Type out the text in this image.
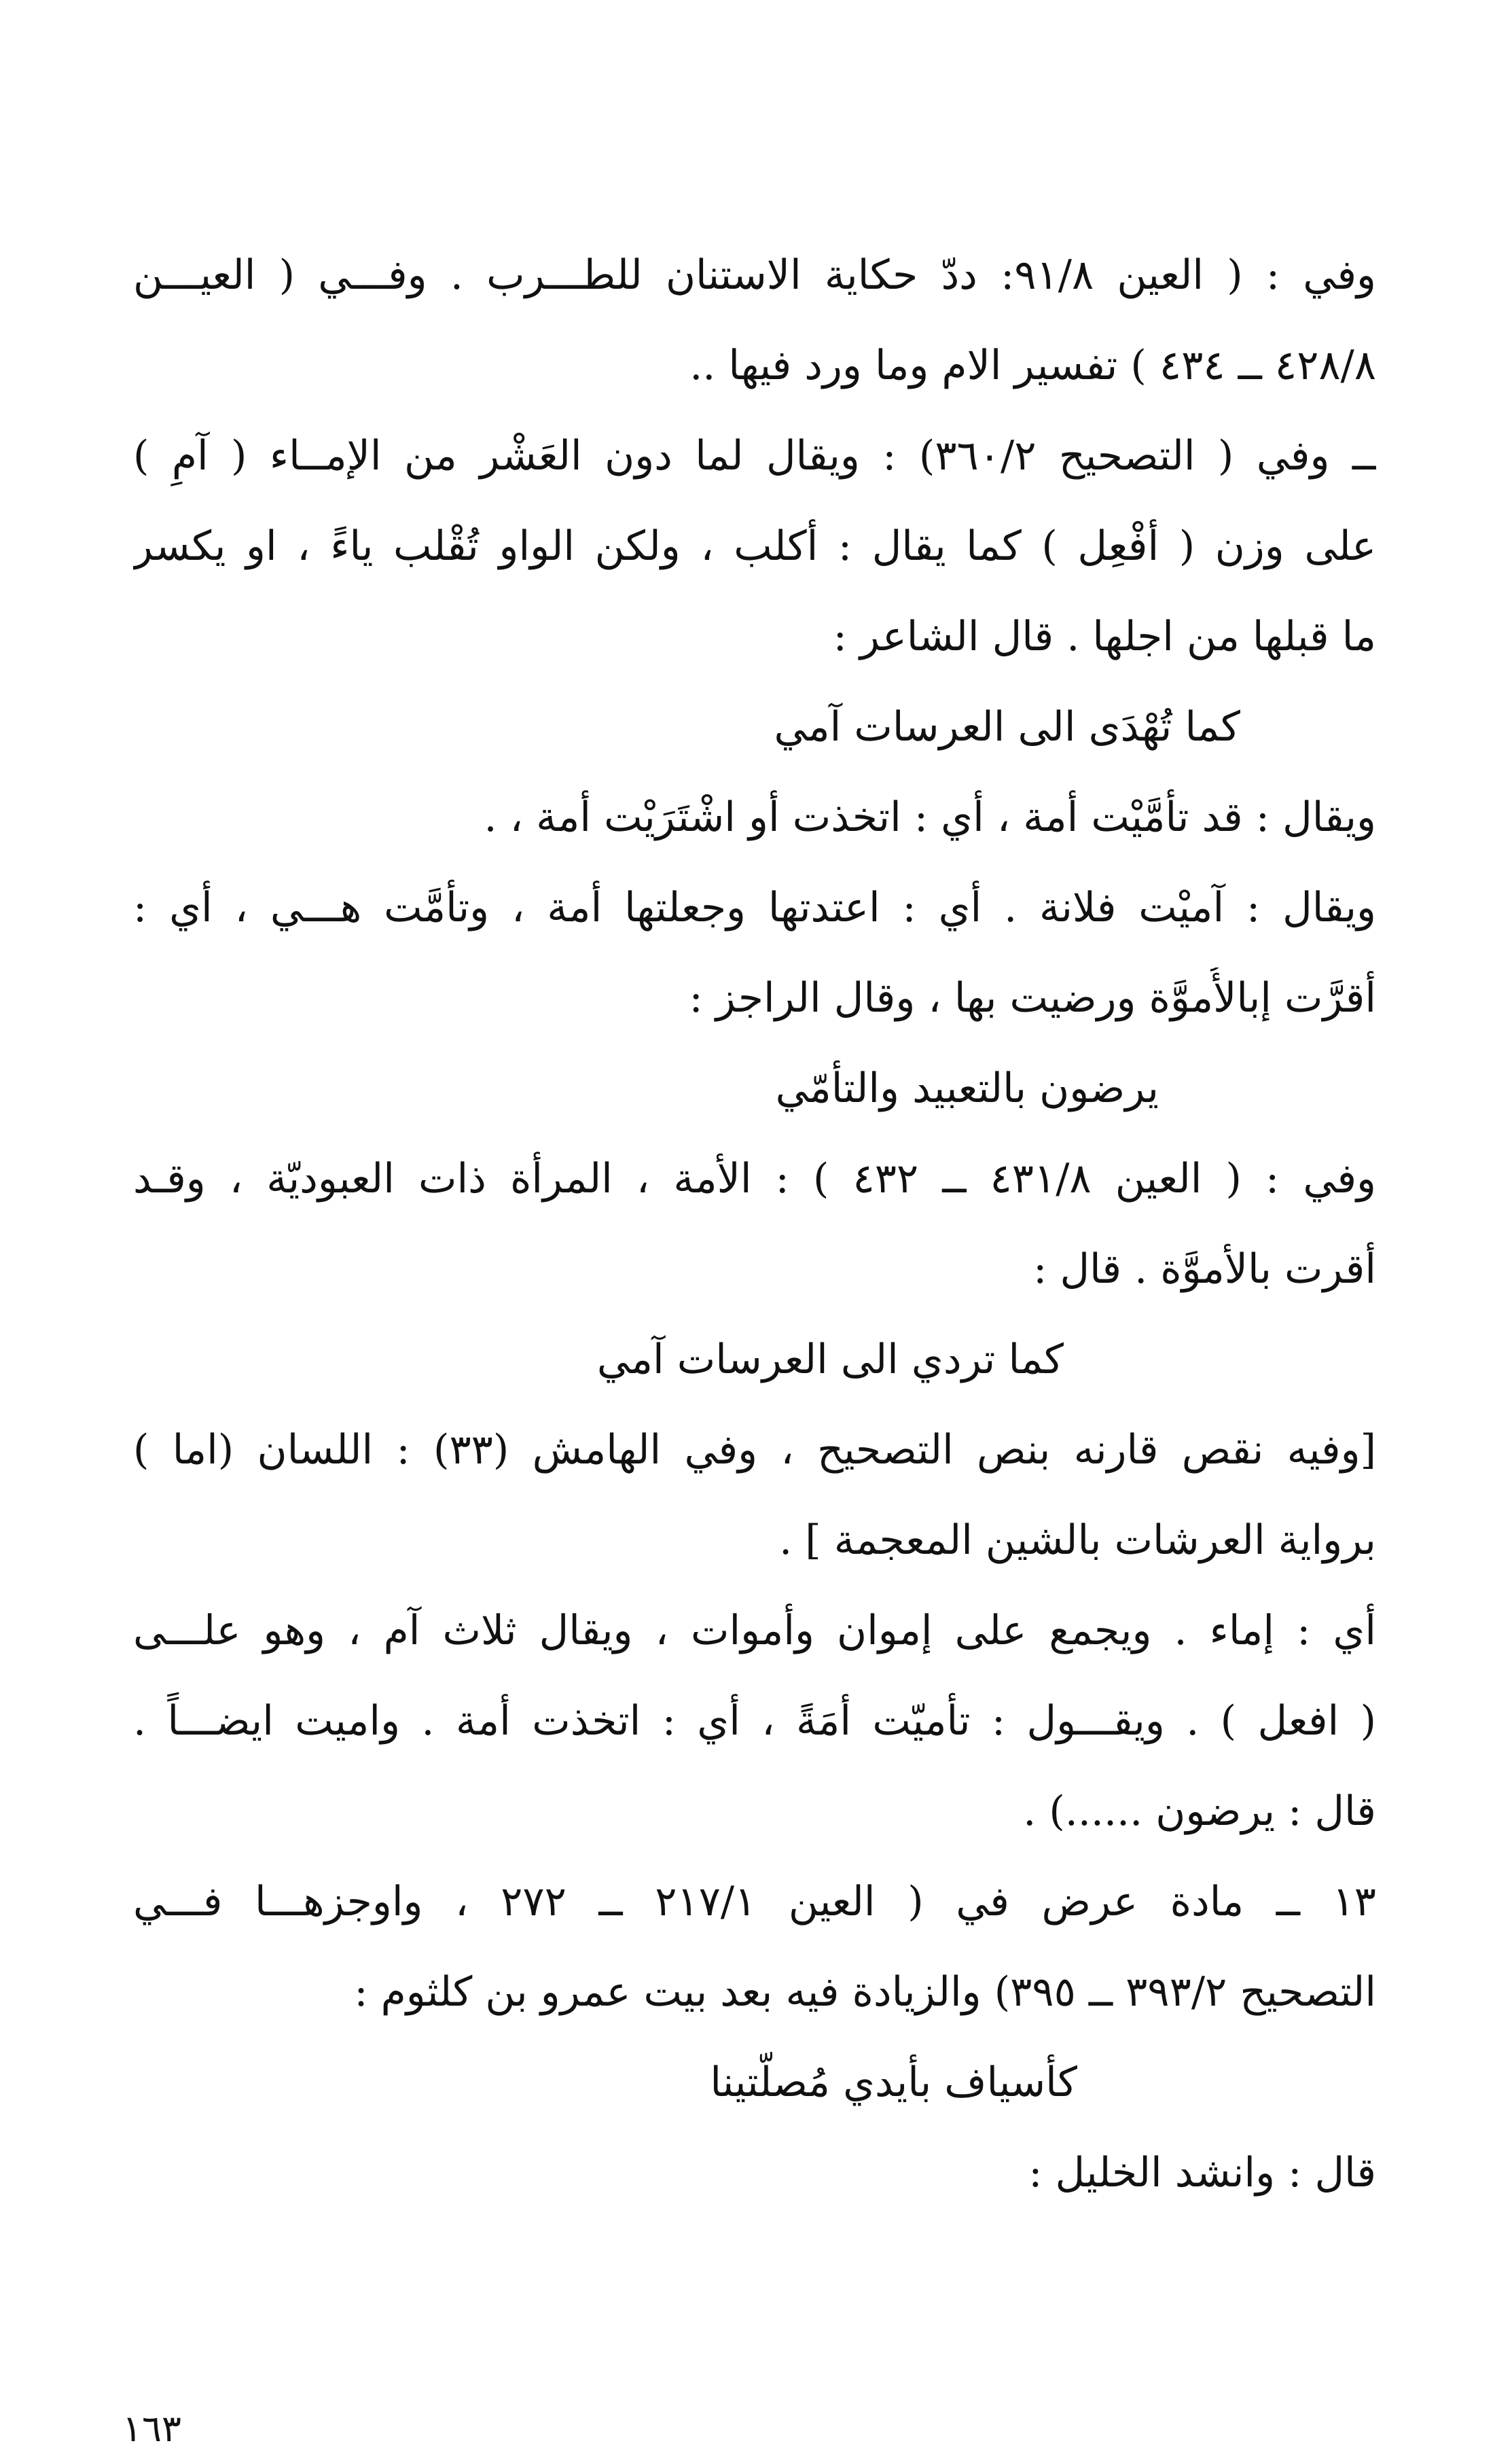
وفي : ( العين ٩١/٨: ددّ حكاية الاستنان للطـــرب . وفـــي ( العيـــن
٤٢٨/٨ ــ ٤٣٤ ) تفسير الام وما ورد فيها ..
ــ وفي ( التصحيح ٣٦٠/٢) : ويقال لما دون العَشْر من الإمــاء ( آمٍ )
على وزن ( أفْعِل ) كما يقال : أكلب ، ولكن الواو تُقْلب ياءً ، او يكسر
ما قبلها من اجلها . قال الشاعر :
كما تُهْدَى الى العرسات آمي
ويقال : قد تأمَّيْت أمة ، أي : اتخذت أو اشْتَرَيْت أمة ، .
ويقال : آميْت فلانة . أي : اعتدتها وجعلتها أمة ، وتأمَّت هـــي ، أي :
أقرَّت إبالأُموَّة ورضيت بها ، وقال الراجز :
يرضون بالتعبيد والتأمّي
وفي : ( العين ٤٣١/٨ ــ ٤٣٢ ) : الأمة ، المرأة ذات العبوديّة ، وقـد
أقرت بالأموَّة . قال :
كما تردي الى العرسات آمي
[وفيه نقص قارنه بنص التصحيح ، وفي الهامش (٣٣) : اللسان (اما )
برواية العرشات بالشين المعجمة ] .
أي : إماء . ويجمع على إموان وأموات ، ويقال ثلاث آم ، وهو علـــى
( افعل ) . ويقـــول : تأميّت أمَةً ، أي : اتخذت أمة . واميت ايضـــاً .
قال : يرضون ......) .
١٣ ــ مادة عرض في ( العين ٢١٧/١ ــ ٢٧٢ ، واوجزهـــا فـــي
التصحيح ٣٩٣/٢ ــ ٣٩٥) والزيادة فيه بعد بيت عمرو بن كلثوم :
كأسياف بأيدي مُصلّتينا
قال : وانشد الخليل :
١٦٣
